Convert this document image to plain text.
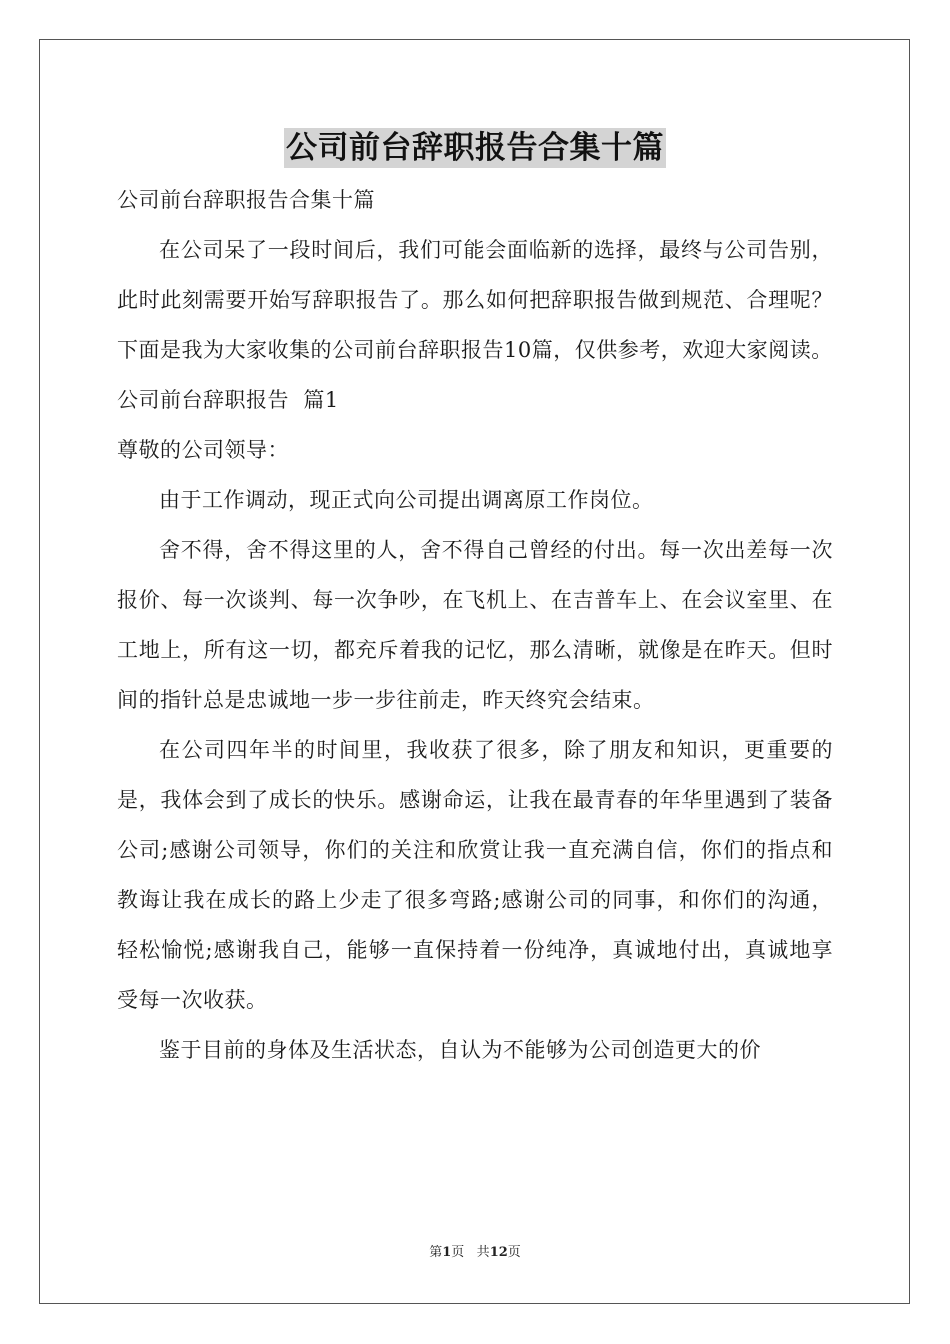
公司前台辞职报告合集十篇

公司前台辞职报告合集十篇

在公司呆了一段时间后，我们可能会面临新的选择，最终与公司告别，此时此刻需要开始写辞职报告了。那么如何把辞职报告做到规范、合理呢？下面是我为大家收集的公司前台辞职报告10篇，仅供参考，欢迎大家阅读。

公司前台辞职报告  篇1

尊敬的公司领导：

由于工作调动，现正式向公司提出调离原工作岗位。

舍不得，舍不得这里的人，舍不得自己曾经的付出。每一次出差每一次报价、每一次谈判、每一次争吵，在飞机上、在吉普车上、在会议室里、在工地上，所有这一切，都充斥着我的记忆，那么清晰，就像是在昨天。但时间的指针总是忠诚地一步一步往前走，昨天终究会结束。

在公司四年半的时间里，我收获了很多，除了朋友和知识，更重要的是，我体会到了成长的快乐。感谢命运，让我在最青春的年华里遇到了装备公司;感谢公司领导，你们的关注和欣赏让我一直充满自信，你们的指点和教诲让我在成长的路上少走了很多弯路;感谢公司的同事，和你们的沟通，轻松愉悦;感谢我自己，能够一直保持着一份纯净，真诚地付出，真诚地享受每一次收获。

鉴于目前的身体及生活状态，自认为不能够为公司创造更大的价

第1页 共12页
